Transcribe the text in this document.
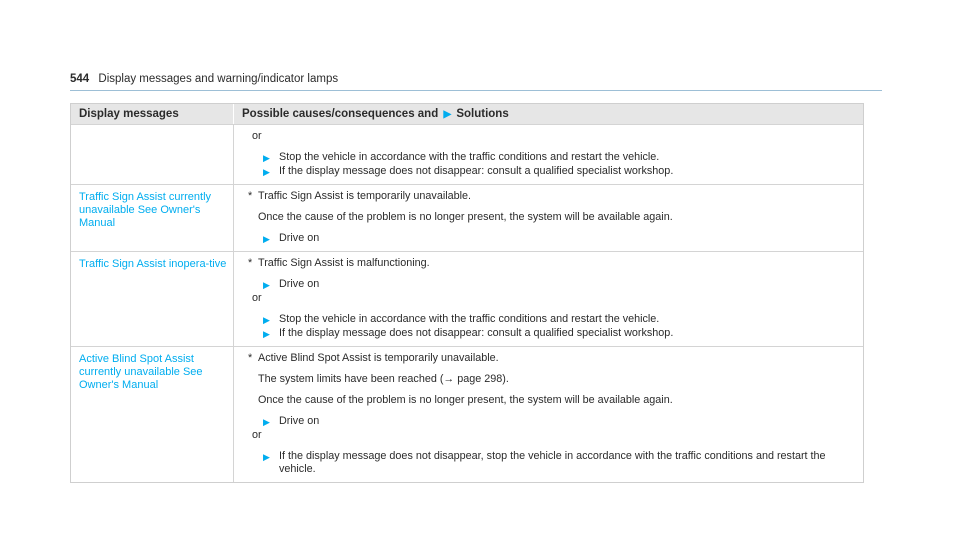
544 Display messages and warning/indicator lamps
Display messages	Possible causes/consequences and ▶ Solutions
or
▶ Stop the vehicle in accordance with the traffic conditions and restart the vehicle.
▶ If the display message does not disappear: consult a qualified specialist workshop.
Traffic Sign Assist currently unavailable See Owner's Manual
* Traffic Sign Assist is temporarily unavailable.
Once the cause of the problem is no longer present, the system will be available again.
▶ Drive on
Traffic Sign Assist inopera-tive	* Traffic Sign Assist is malfunctioning.
▶ Drive on
or
▶ Stop the vehicle in accordance with the traffic conditions and restart the vehicle.
▶ If the display message does not disappear: consult a qualified specialist workshop.
Active Blind Spot Assist currently unavailable See Owner's Manual
* Active Blind Spot Assist is temporarily unavailable.
The system limits have been reached (→ page 298).
Once the cause of the problem is no longer present, the system will be available again.
▶ Drive on
or
▶ If the display message does not disappear, stop the vehicle in accordance with the traffic conditions and restart the vehicle.
